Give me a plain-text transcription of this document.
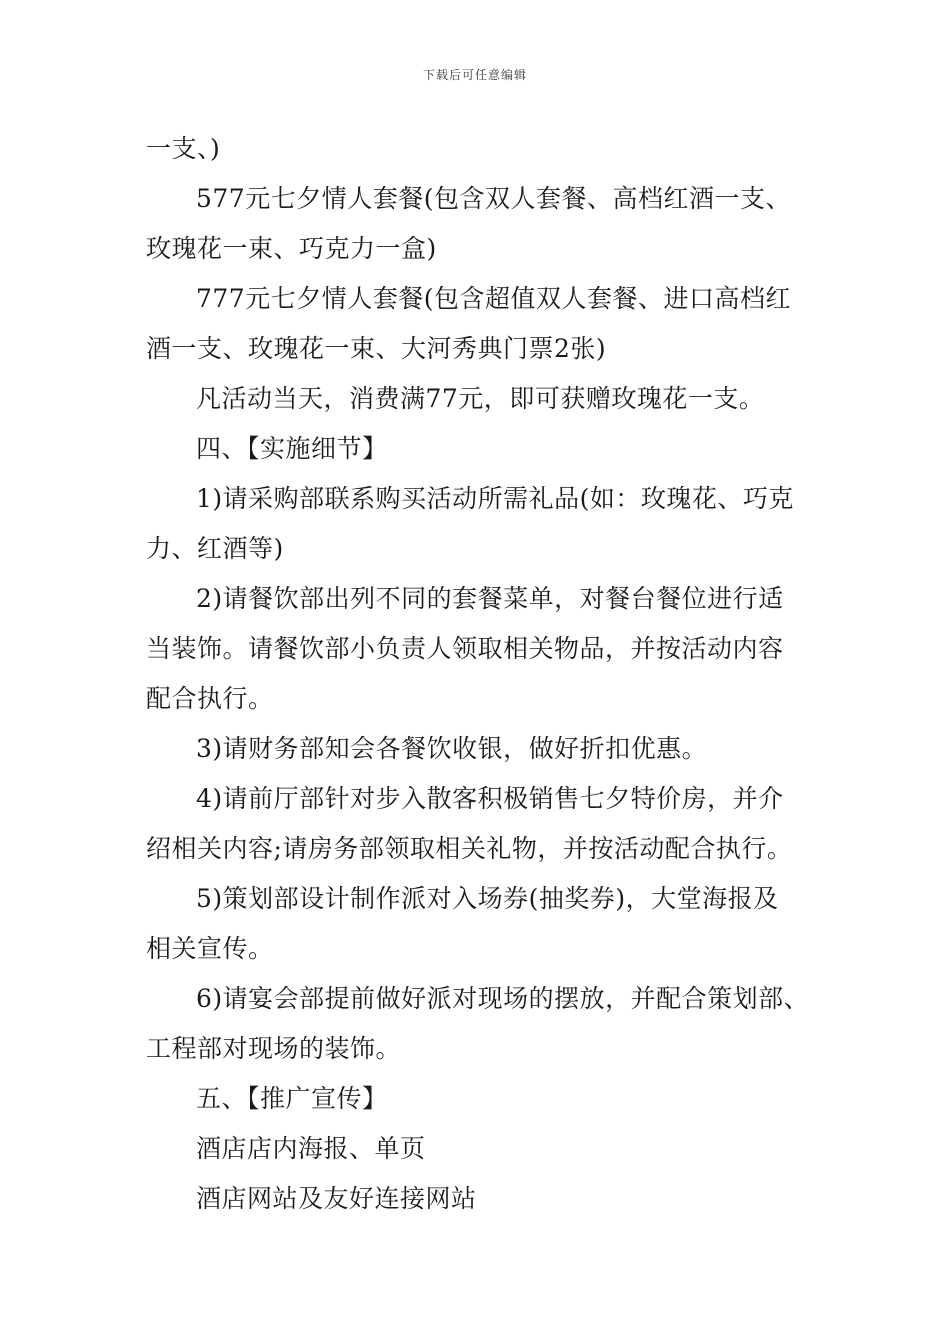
下载后可任意编辑
一支、)
577元七夕情人套餐(包含双人套餐、高档红酒一支、
玫瑰花一束、巧克力一盒)
777元七夕情人套餐(包含超值双人套餐、进口高档红
酒一支、玫瑰花一束、大河秀典门票2张)
凡活动当天，消费满77元，即可获赠玫瑰花一支。
四、【实施细节】
1)请采购部联系购买活动所需礼品(如：玫瑰花、巧克
力、红酒等)
2)请餐饮部出列不同的套餐菜单，对餐台餐位进行适
当装饰。请餐饮部小负责人领取相关物品，并按活动内容
配合执行。
3)请财务部知会各餐饮收银，做好折扣优惠。
4)请前厅部针对步入散客积极销售七夕特价房，并介
绍相关内容;请房务部领取相关礼物，并按活动配合执行。
5)策划部设计制作派对入场券(抽奖券)，大堂海报及
相关宣传。
6)请宴会部提前做好派对现场的摆放，并配合策划部、
工程部对现场的装饰。
五、【推广宣传】
酒店店内海报、单页
酒店网站及友好连接网站
